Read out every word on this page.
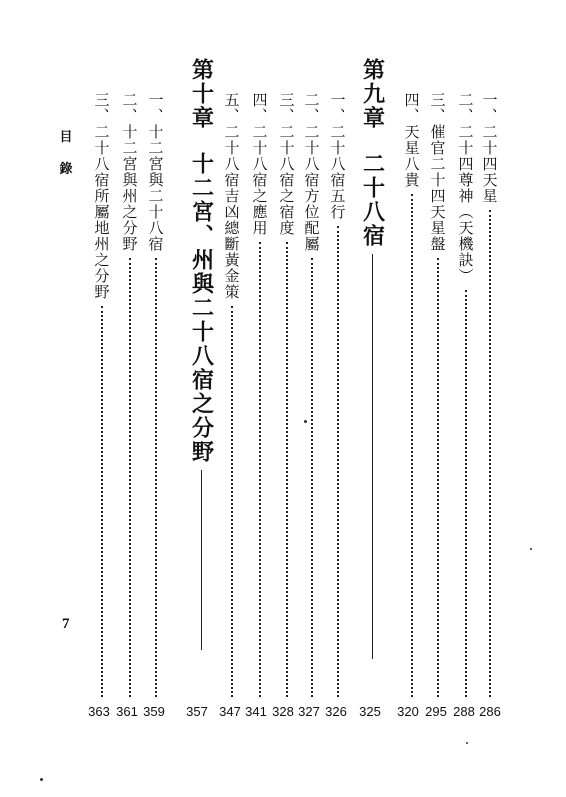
目
錄
7
一、二十四天星
二、二十四尊神（天機訣）
三、催官二十四天星盤
四、天星八貴
第九章
二十八宿
一、二十八宿五行
二、二十八宿方位配屬
三、二十八宿之宿度
四、二十八宿之應用
五、二十八宿吉凶總斷黃金策
第十章
十二宮、州與二十八宿之分野
一、十二宮與二十八宿
二、十二宮與州之分野
三、二十八宿所屬地州之分野
286
288
295
320
325
326
327
328
341
347
357
359
361
363
